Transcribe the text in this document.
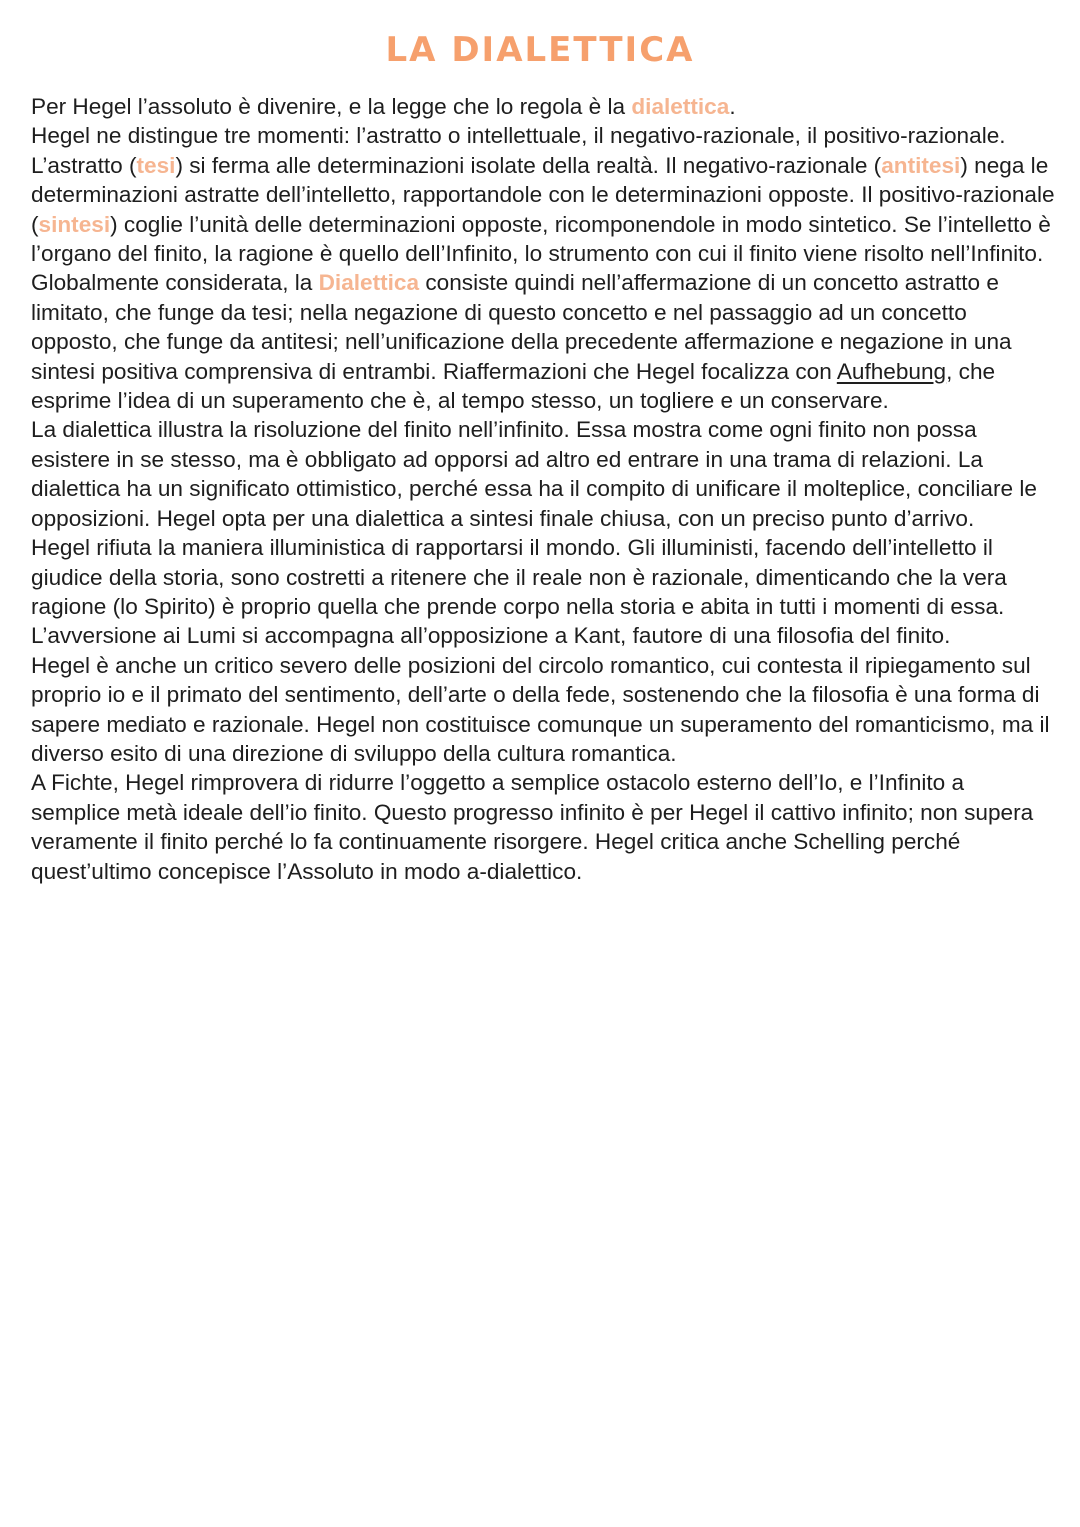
LA DIALETTICA

Per Hegel l’assoluto è divenire, e la legge che lo regola è la dialettica.

Hegel ne distingue tre momenti: l’astratto o intellettuale, il negativo-razionale, il positivo-razionale.

L’astratto (tesi) si ferma alle determinazioni isolate della realtà. Il negativo-razionale (antitesi) nega le determinazioni astratte dell’intelletto, rapportandole con le determinazioni opposte. Il positivo-razionale (sintesi) coglie l’unità delle determinazioni opposte, ricomponendole in modo sintetico. Se l’intelletto è l’organo del finito, la ragione è quello dell’Infinito, lo strumento con cui il finito viene risolto nell’Infinito.

Globalmente considerata, la Dialettica consiste quindi nell’affermazione di un concetto astratto e limitato, che funge da tesi; nella negazione di questo concetto e nel passaggio ad un concetto opposto, che funge da antitesi; nell’unificazione della precedente affermazione e negazione in una sintesi positiva comprensiva di entrambi. Riaffermazioni che Hegel focalizza con Aufhebung, che esprime l’idea di un superamento che è, al tempo stesso, un togliere e un conservare.

La dialettica illustra la risoluzione del finito nell’infinito. Essa mostra come ogni finito non possa esistere in se stesso, ma è obbligato ad opporsi ad altro ed entrare in una trama di relazioni. La dialettica ha un significato ottimistico, perché essa ha il compito di unificare il molteplice, conciliare le opposizioni. Hegel opta per una dialettica a sintesi finale chiusa, con un preciso punto d’arrivo.

Hegel rifiuta la maniera illuministica di rapportarsi il mondo. Gli illuministi, facendo dell’intelletto il giudice della storia, sono costretti a ritenere che il reale non è razionale, dimenticando che la vera ragione (lo Spirito) è proprio quella che prende corpo nella storia e abita in tutti i momenti di essa. L’avversione ai Lumi si accompagna all’opposizione a Kant, fautore di una filosofia del finito.

Hegel è anche un critico severo delle posizioni del circolo romantico, cui contesta il ripiegamento sul proprio io e il primato del sentimento, dell’arte o della fede, sostenendo che la filosofia è una forma di sapere mediato e razionale. Hegel non costituisce comunque un superamento del romanticismo, ma il diverso esito di una direzione di sviluppo della cultura romantica.

A Fichte, Hegel rimprovera di ridurre l’oggetto a semplice ostacolo esterno dell’Io, e l’Infinito a semplice metà ideale dell’io finito. Questo progresso infinito è per Hegel il cattivo infinito; non supera veramente il finito perché lo fa continuamente risorgere. Hegel critica anche Schelling perché quest’ultimo concepisce l’Assoluto in modo a-dialettico.
